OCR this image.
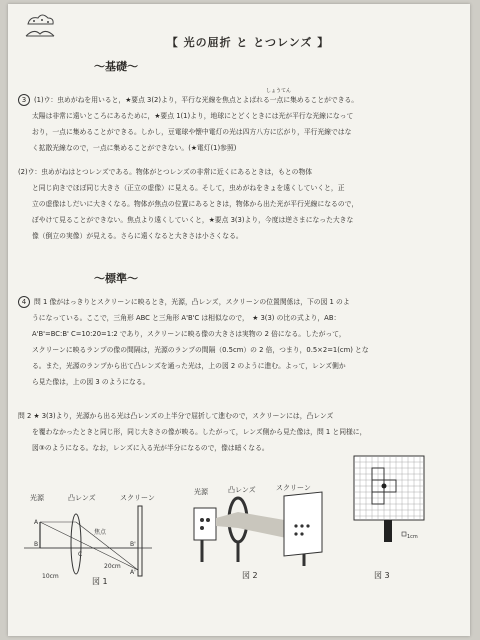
【 光の屈折 と とつレンズ 】
〜基礎〜
しょうてん
3 (1)ウ：虫めがねを用いると，★要点 3(2)より，平行な光線を焦点とよばれる一点に集めることができる。
太陽は非常に遠いところにあるために，★要点 1(1)より，地球にとどくときには光が平行な光線になって
おり，一点に集めることができる。しかし，豆電球や懐中電灯の光は四方八方に広がり，平行光線ではな
く拡散光線なので，一点に集めることができない。(★電灯(1)参照)
(2)ウ：虫めがねはとつレンズである。物体がとつレンズの非常に近くにあるときは，もとの物体
と同じ向きでほぼ同じ大きさ（正立の虚像）に見える。そして，虫めがねをきょを遠くしていくと，正
立の虚像はしだいに大きくなる。物体が焦点の位置にあるときは，物体から出た光が平行光線になるので，
ぼやけて見ることができない。焦点より遠くしていくと，★要点 3(3)より，今度は逆さまになった大きな
像（倒立の実像）が見える。さらに遠くなると大きさは小さくなる。
〜標準〜
4 問 1 像がはっきりとスクリーンに映るとき，光源，凸レンズ，スクリーンの位置関係は，下の図 1 のよ
うになっている。ここで，三角形 ABC と三角形 A'B'C は相似なので，　★ 3(3) の比の式より，AB：
A'B'=BC:B' C=10:20=1:2 であり，スクリーンに映る像の大きさは実物の 2 倍になる。したがって，
スクリーンに映るランプの像の間隔は，光源のランプの間隔（0.5cm）の 2 倍，つまり，0.5×2=1(cm) とな
る。また，光源のランプから出て凸レンズを通った光は，上の図 2 のように進む。よって，レンズ側か
ら見た像は，上の図 3 のようになる。
問 2 ★ 3(3)より，光源から出る光は凸レンズの上半分で屈折して進むので，スクリーンには，凸レンズ
を覆わなかったときと同じ形，同じ大きさの像が映る。したがって，レンズ側から見た像は，問 1 と同様に，
図③のようになる。なお，レンズに入る光が半分になるので，像は暗くなる。
光源	凸レンズ	スクリーン
A
B
C
B'
A'
焦点
20cm
10cm
図 1
光源	凸レンズ	スクリーン
図 2
1cm
図 3
